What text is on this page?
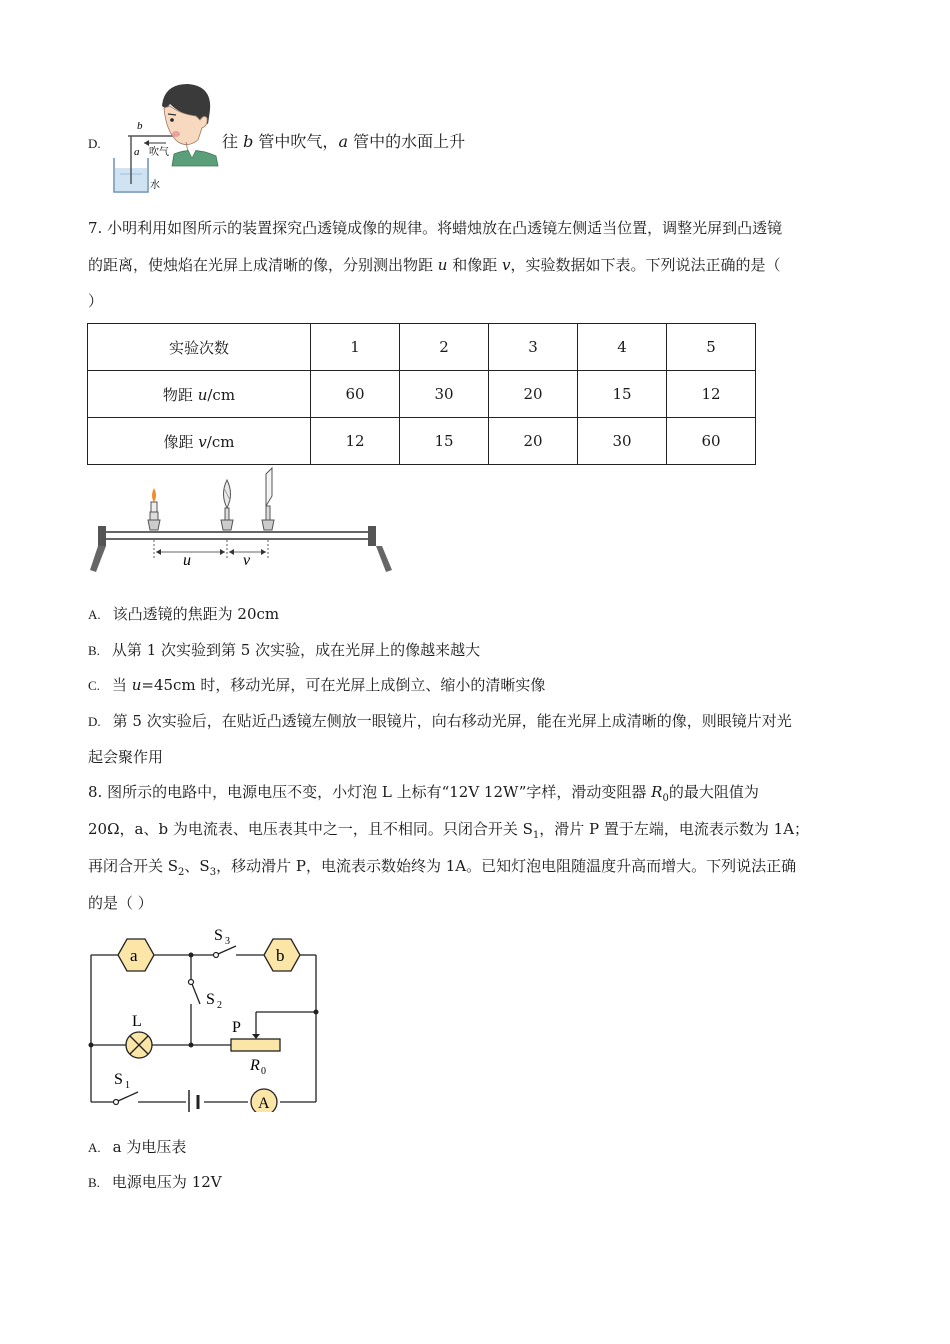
D.
b
a 吹气
水
往 b 管中吹气，a 管中的水面上升
7. 小明利用如图所示的装置探究凸透镜成像的规律。将蜡烛放在凸透镜左侧适当位置，调整光屏到凸透镜
的距离，使烛焰在光屏上成清晰的像，分别测出物距 u 和像距 v，实验数据如下表。下列说法正确的是（
）
实验次数	1	2	3	4	5
物距 u/cm	60	30	20	15	12
像距 v/cm	12	15	20	30	60
u	v
A. 该凸透镜的焦距为 20cm
B. 从第 1 次实验到第 5 次实验，成在光屏上的像越来越大
C. 当 u=45cm 时，移动光屏，可在光屏上成倒立、缩小的清晰实像
D. 第 5 次实验后，在贴近凸透镜左侧放一眼镜片，向右移动光屏，能在光屏上成清晰的像，则眼镜片对光
起会聚作用
8. 图所示的电路中，电源电压不变，小灯泡 L 上标有“12V 12W”字样，滑动变阻器 $R_0$的最大阻值为
20Ω，a、b 为电流表、电压表其中之一，且不相同。只闭合开关 $S_1$，滑片 P 置于左端，电流表示数为 1A；
再闭合开关 $S_2$、$S_3$，移动滑片 P，电流表示数始终为 1A。已知灯泡电阻随温度升高而增大。下列说法正确
的是（ ）
S 3
S 2
S 1
a	b
L	P
R 0
A
A. a 为电压表
B. 电源电压为 12V
